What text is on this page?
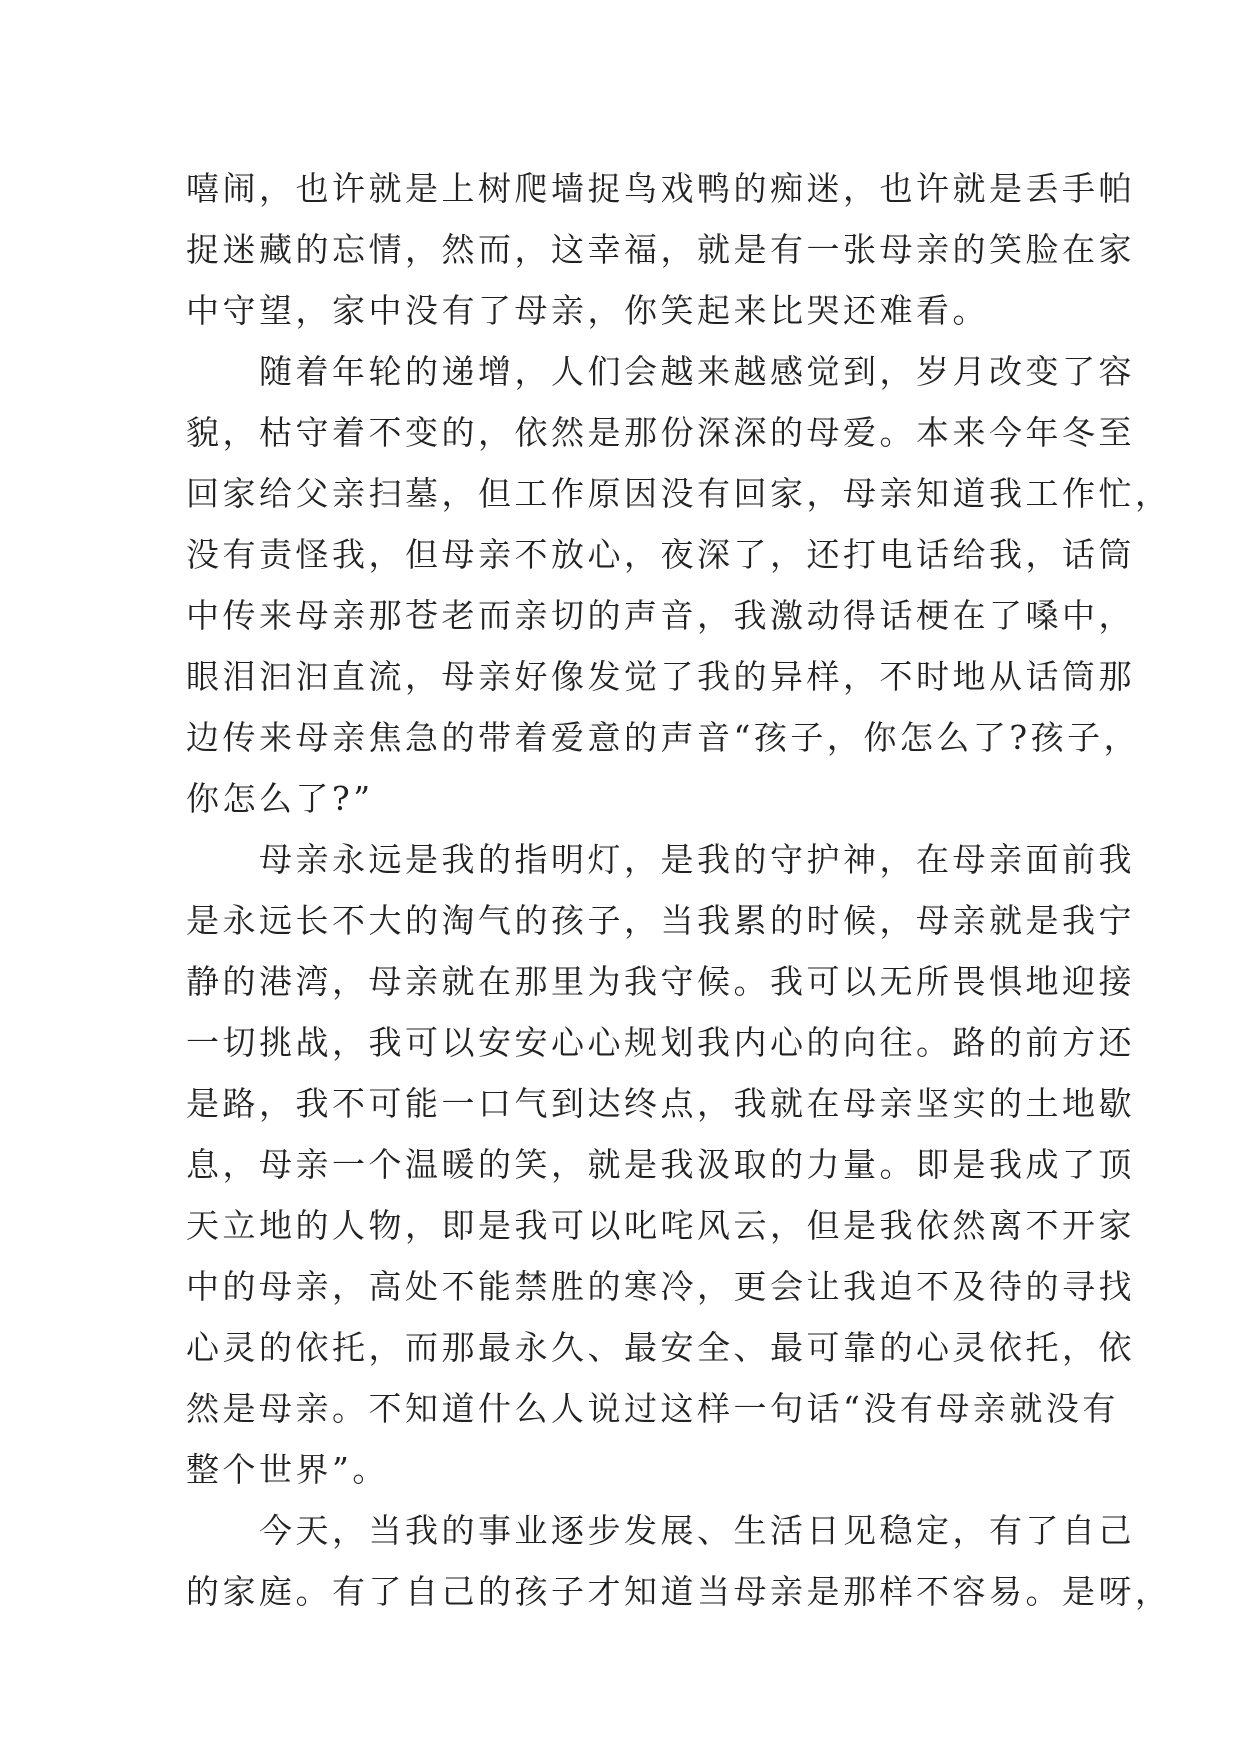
嘻闹，也许就是上树爬墙捉鸟戏鸭的痴迷，也许就是丢手帕
捉迷藏的忘情，然而，这幸福，就是有一张母亲的笑脸在家
中守望，家中没有了母亲，你笑起来比哭还难看。
随着年轮的递增，人们会越来越感觉到，岁月改变了容
貌，枯守着不变的，依然是那份深深的母爱。本来今年冬至
回家给父亲扫墓，但工作原因没有回家，母亲知道我工作忙，
没有责怪我，但母亲不放心，夜深了，还打电话给我，话筒
中传来母亲那苍老而亲切的声音，我激动得话梗在了嗓中，
眼泪汩汩直流，母亲好像发觉了我的异样，不时地从话筒那
边传来母亲焦急的带着爱意的声音“孩子，你怎么了?孩子，
你怎么了?”
母亲永远是我的指明灯，是我的守护神，在母亲面前我
是永远长不大的淘气的孩子，当我累的时候，母亲就是我宁
静的港湾，母亲就在那里为我守候。我可以无所畏惧地迎接
一切挑战，我可以安安心心规划我内心的向往。路的前方还
是路，我不可能一口气到达终点，我就在母亲坚实的土地歇
息，母亲一个温暖的笑，就是我汲取的力量。即是我成了顶
天立地的人物，即是我可以叱咤风云，但是我依然离不开家
中的母亲，高处不能禁胜的寒冷，更会让我迫不及待的寻找
心灵的依托，而那最永久、最安全、最可靠的心灵依托，依
然是母亲。不知道什么人说过这样一句话“没有母亲就没有
整个世界”。
今天，当我的事业逐步发展、生活日见稳定，有了自己
的家庭。有了自己的孩子才知道当母亲是那样不容易。是呀，
